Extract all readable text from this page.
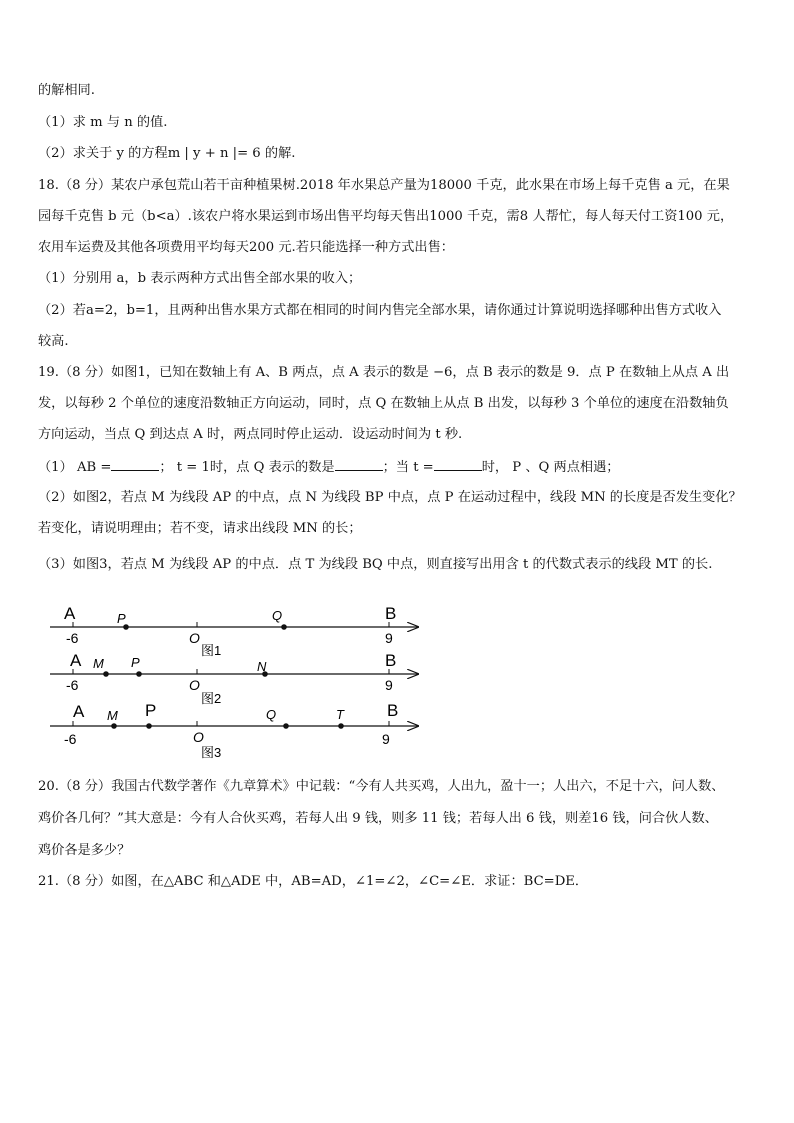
的解相同.
（1）求 m 与 n 的值.
（2）求关于 y 的方程m | y + n |= 6 的解.
18.（8 分）某农户承包荒山若干亩种植果树.2018 年水果总产量为18000 千克，此水果在市场上每千克售 a 元，在果
园每千克售 b 元（b<a）.该农户将水果运到市场出售平均每天售出1000 千克，需8 人帮忙，每人每天付工资100 元，
农用车运费及其他各项费用平均每天200 元.若只能选择一种方式出售：
（1）分别用 a，b 表示两种方式出售全部水果的收入；
（2）若a=2，b=1，且两种出售水果方式都在相同的时间内售完全部水果，请你通过计算说明选择哪种出售方式收入
较高.
19.（8 分）如图1，已知在数轴上有 A、B 两点，点 A 表示的数是 −6，点 B 表示的数是 9．点 P 在数轴上从点 A 出
发，以每秒 2 个单位的速度沿数轴正方向运动，同时，点 Q 在数轴上从点 B 出发，以每秒 3 个单位的速度在沿数轴负
方向运动，当点 Q 到达点 A 时，两点同时停止运动．设运动时间为 t 秒.
（1） AB =	； t = 1时，点 Q 表示的数是	；当 t =	时， P 、Q 两点相遇；
（2）如图2，若点 M 为线段 AP 的中点，点 N 为线段 BP 中点，点 P 在运动过程中，线段 MN 的长度是否发生变化？
若变化，请说明理由；若不变，请求出线段 MN 的长；
（3）如图3，若点 M 为线段 AP 的中点．点 T 为线段 BQ 中点，则直接写出用含 t 的代数式表示的线段 MT 的长.
A	B
-6	9
O
P	Q
图1
A	B
-6	9
O
M P	N
图2
A	B
-6	9
O
M P	Q	T
图3
20.（8 分）我国古代数学著作《九章算术》中记载：“今有人共买鸡，人出九，盈十一；人出六，不足十六，问人数、
鸡价各几何？”其大意是：今有人合伙买鸡，若每人出 9 钱，则多 11 钱；若每人出 6 钱，则差16 钱，问合伙人数、
鸡价各是多少？
21.（8 分）如图，在△ABC 和△ADE 中，AB=AD，∠1=∠2，∠C=∠E．求证：BC=DE．
